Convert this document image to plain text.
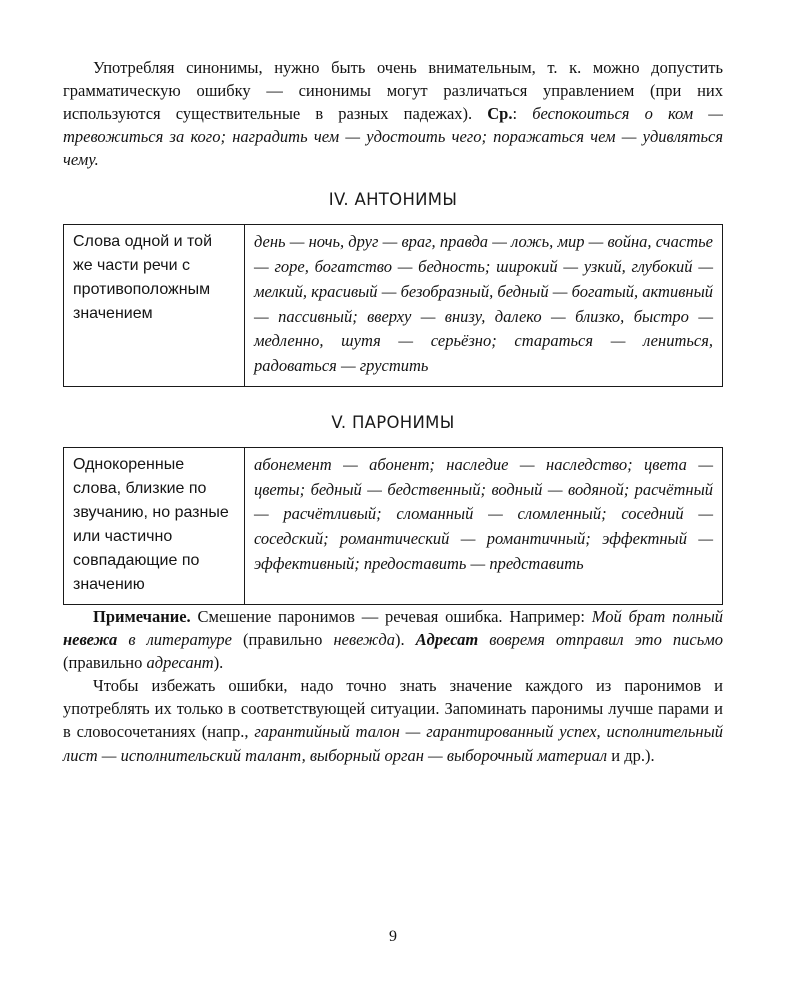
Употребляя синонимы, нужно быть очень внимательным, т. к. можно допустить грамматическую ошибку — синонимы могут различаться управлением (при них используются существительные в разных падежах). Ср.: беспокоиться о ком — тревожиться за кого; наградить чем — удостоить чего; поражаться чем — удивляться чему.

IV. АНТОНИМЫ
Слова одной и той же части речи с противоположным значением	день — ночь, друг — враг, правда — ложь, мир — война, счастье — горе, богатство — бедность; широкий — узкий, глубокий — мелкий, красивый — безобразный, бедный — богатый, активный — пассивный; вверху — внизу, далеко — близко, быстро — медленно, шутя — серьёзно; стараться — лениться, радоваться — грустить
V. ПАРОНИМЫ
Однокоренные слова, близкие по звучанию, но разные или частично совпадающие по значению	абонемент — абонент; наследие — наследство; цвета — цветы; бедный — бедственный; водный — водяной; расчётный — расчётливый; сломанный — сломленный; соседний — соседский; романтический — романтичный; эффектный — эффективный; предоставить — представить

Примечание. Смешение паронимов — речевая ошибка. Например: Мой брат полный невежа в литературе (правильно невежда). Адресат вовремя отправил это письмо (правильно адресант).

Чтобы избежать ошибки, надо точно знать значение каждого из паронимов и употреблять их только в соответствующей ситуации. Запоминать паронимы лучше парами и в словосочетаниях (напр., гарантийный талон — гарантированный успех, исполнительный лист — исполнительский талант, выборный орган — выборочный материал и др.).

9
